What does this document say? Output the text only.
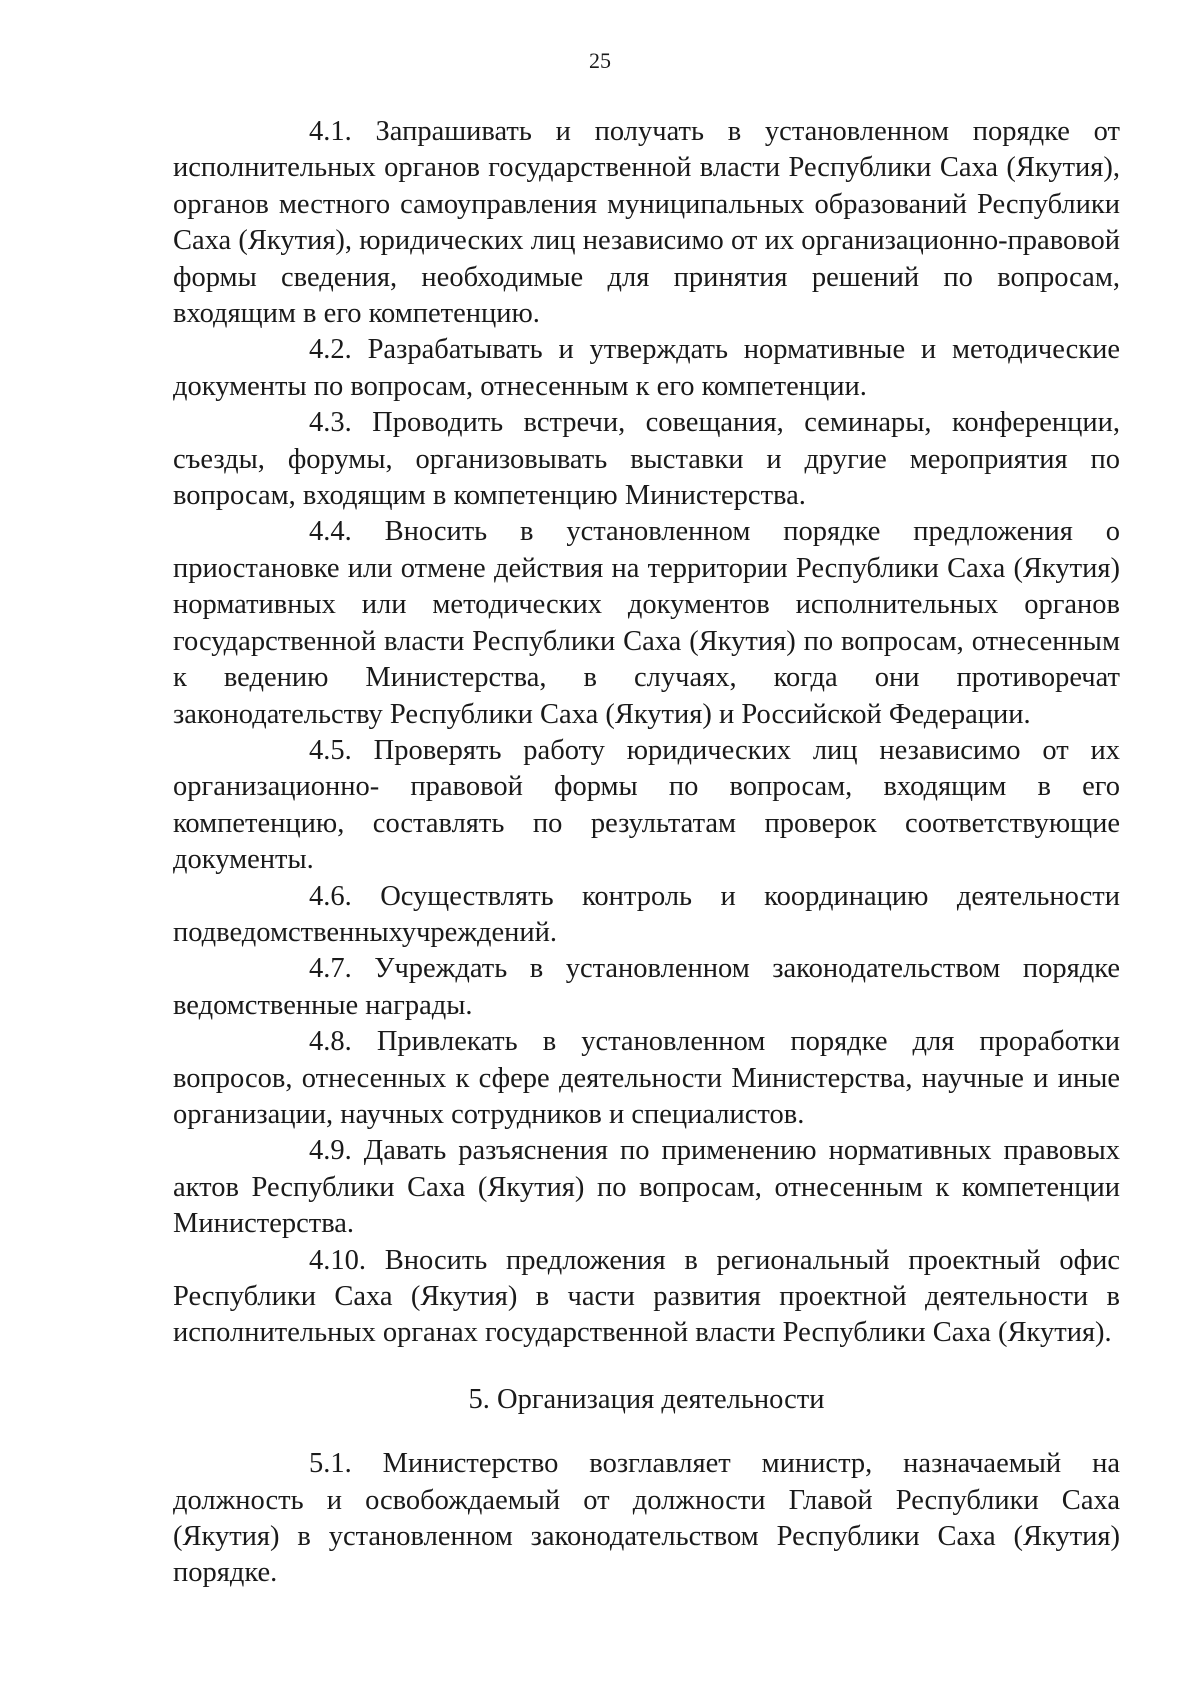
25

4.1. Запрашивать и получать в установленном порядке от исполнительных органов государственной власти Республики Саха (Якутия), органов местного самоуправления муниципальных образований Республики Саха (Якутия), юридических лиц независимо от их организационно-правовой формы сведения, необходимые для принятия решений по вопросам, входящим в его компетенцию.

4.2. Разрабатывать и утверждать нормативные и методические документы по вопросам, отнесенным к его компетенции.

4.3. Проводить встречи, совещания, семинары, конференции, съезды, форумы, организовывать выставки и другие мероприятия по вопросам, входящим в компетенцию Министерства.

4.4. Вносить в установленном порядке предложения о приостановке или отмене действия на территории Республики Саха (Якутия) нормативных или методических документов исполнительных органов государственной власти Республики Саха (Якутия) по вопросам, отнесенным к ведению Министерства, в случаях, когда они противоречат законодательству Республики Саха (Якутия) и Российской Федерации.

4.5. Проверять работу юридических лиц независимо от их организационно- правовой формы по вопросам, входящим в его компетенцию, составлять по результатам проверок соответствующие документы.

4.6. Осуществлять контроль и координацию деятельности подведомственныхучреждений.

4.7. Учреждать в установленном законодательством порядке ведомственные награды.

4.8. Привлекать в установленном порядке для проработки вопросов, отнесенных к сфере деятельности Министерства, научные и иные организации, научных сотрудников и специалистов.

4.9. Давать разъяснения по применению нормативных правовых актов Республики Саха (Якутия) по вопросам, отнесенным к компетенции Министерства.

4.10. Вносить предложения в региональный проектный офис Республики Саха (Якутия) в части развития проектной деятельности в исполнительных органах государственной власти Республики Саха (Якутия).

5. Организация деятельности

5.1. Министерство возглавляет министр, назначаемый на должность и освобождаемый от должности Главой Республики Саха (Якутия) в установленном законодательством Республики Саха (Якутия) порядке.
